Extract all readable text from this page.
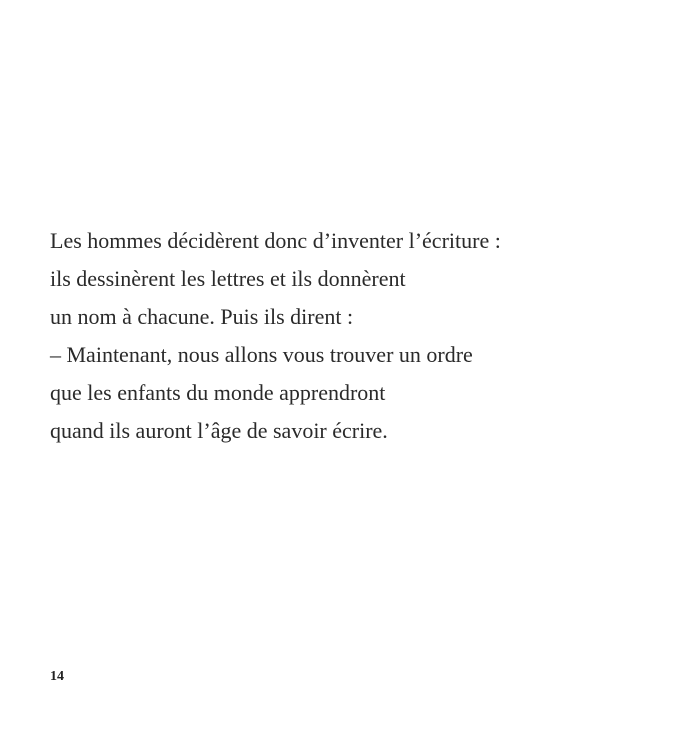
Les hommes décidèrent donc d’inventer l’écriture :
ils dessinèrent les lettres et ils donnèrent
un nom à chacune. Puis ils dirent :
– Maintenant, nous allons vous trouver un ordre
que les enfants du monde apprendront
quand ils auront l’âge de savoir écrire.
14
